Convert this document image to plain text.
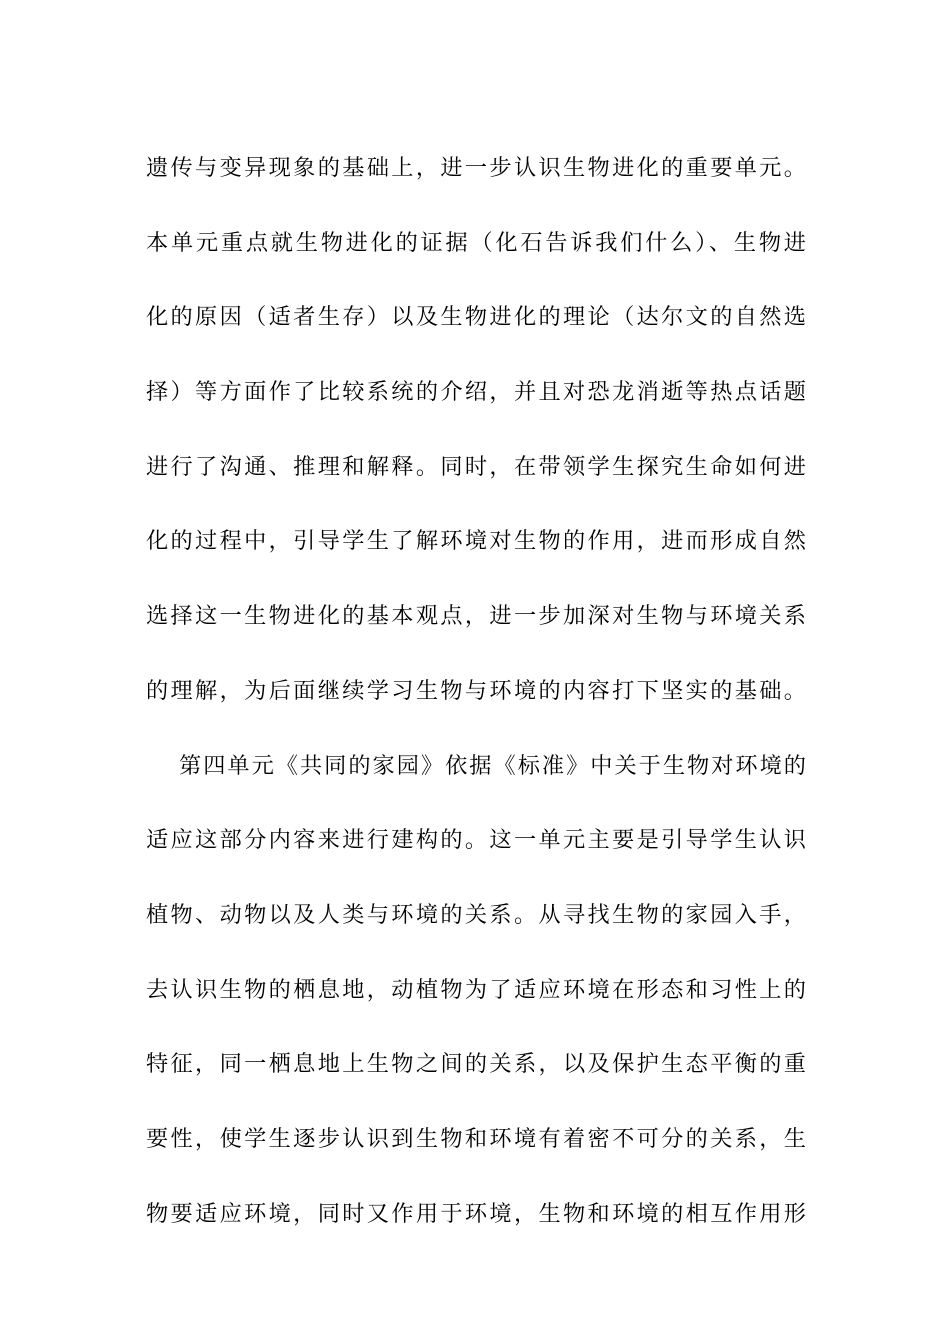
遗传与变异现象的基础上，进一步认识生物进化的重要单元。
本单元重点就生物进化的证据（化石告诉我们什么）、生物进
化的原因（适者生存）以及生物进化的理论（达尔文的自然选
择）等方面作了比较系统的介绍，并且对恐龙消逝等热点话题
进行了沟通、推理和解释。同时，在带领学生探究生命如何进
化的过程中，引导学生了解环境对生物的作用，进而形成自然
选择这一生物进化的基本观点，进一步加深对生物与环境关系
的理解，为后面继续学习生物与环境的内容打下坚实的基础。
第四单元《共同的家园》依据《标准》中关于生物对环境的
适应这部分内容来进行建构的。这一单元主要是引导学生认识
植物、动物以及人类与环境的关系。从寻找生物的家园入手，
去认识生物的栖息地，动植物为了适应环境在形态和习性上的
特征，同一栖息地上生物之间的关系，以及保护生态平衡的重
要性，使学生逐步认识到生物和环境有着密不可分的关系，生
物要适应环境，同时又作用于环境，生物和环境的相互作用形
